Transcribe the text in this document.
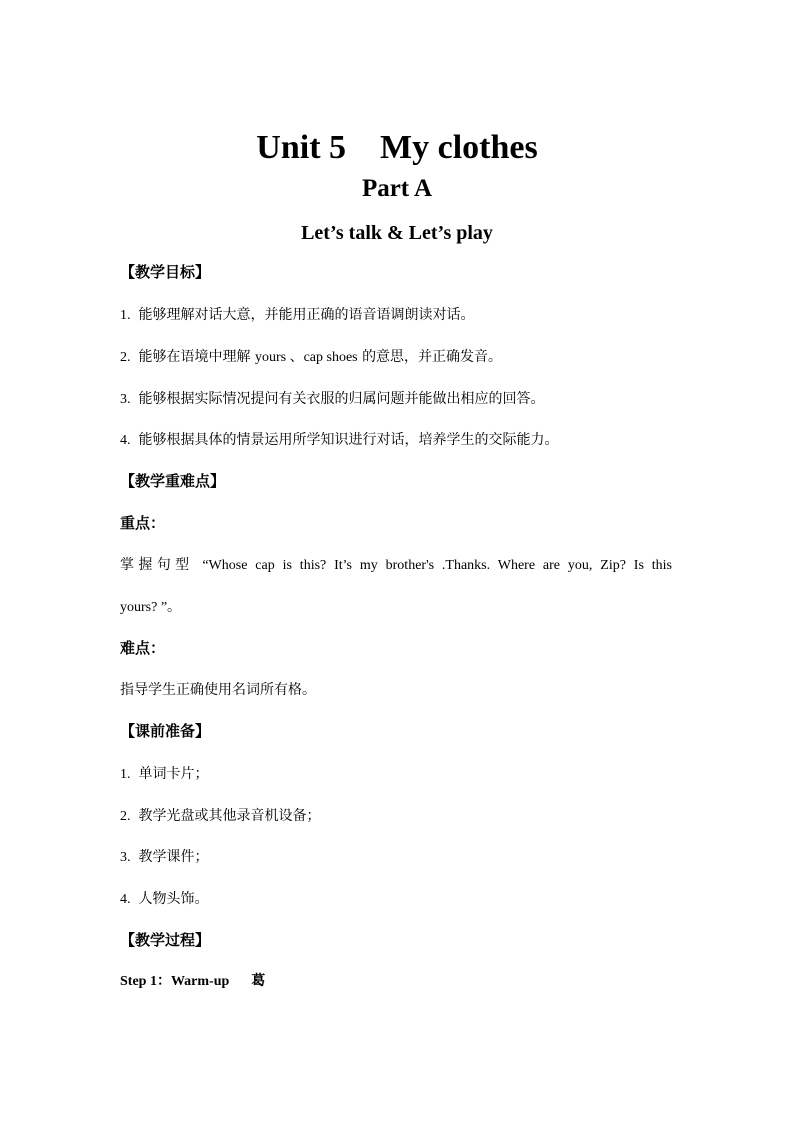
Unit 5    My clothes
Part A
Let’s talk & Let’s play
【教学目标】
1. 能够理解对话大意，并能用正确的语音语调朗读对话。
2. 能够在语境中理解 yours 、cap shoes 的意思，并正确发音。
3. 能够根据实际情况提问有关衣服的归属问题并能做出相应的回答。
4. 能够根据具体的情景运用所学知识进行对话，培养学生的交际能力。
【教学重难点】
重点：
掌握句型 “Whose cap is this? It’s my brother's .Thanks. Where are you, Zip? Is this
yours? ”。
难点：
指导学生正确使用名词所有格。
【课前准备】
1. 单词卡片；
2. 教学光盘或其他录音机设备；
3. 教学课件；
4. 人物头饰。
【教学过程】
Step 1：Warm-up 葛
